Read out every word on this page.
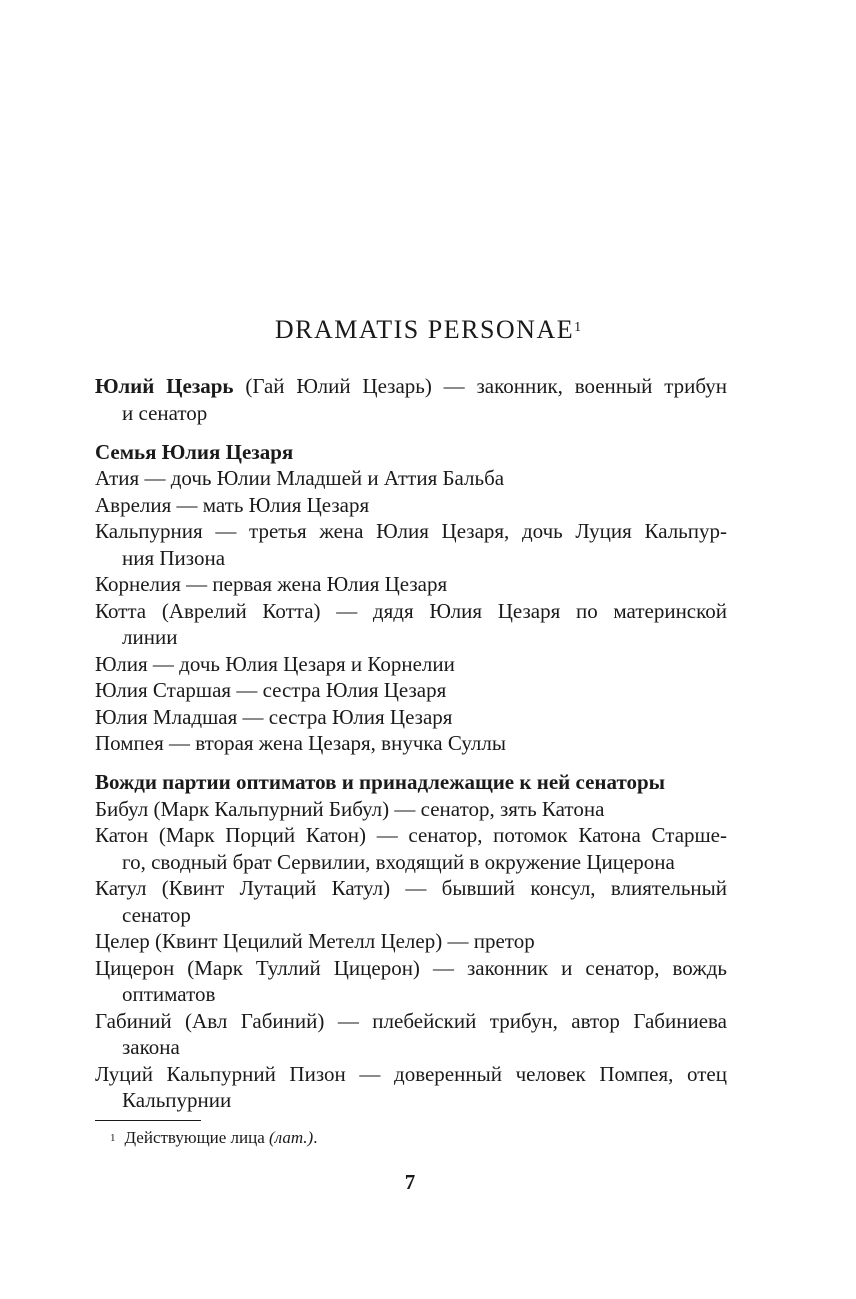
DRAMATIS PERSONAE$^1$
Юлий Цезарь (Гай Юлий Цезарь) — законник, военный трибун
и сенатор
Семья Юлия Цезаря
Атия — дочь Юлии Младшей и Аттия Бальба
Аврелия — мать Юлия Цезаря
Кальпурния — третья жена Юлия Цезаря, дочь Луция Кальпур-
ния Пизона
Корнелия — первая жена Юлия Цезаря
Котта (Аврелий Котта) — дядя Юлия Цезаря по материнской
линии
Юлия — дочь Юлия Цезаря и Корнелии
Юлия Старшая — сестра Юлия Цезаря
Юлия Младшая — сестра Юлия Цезаря
Помпея — вторая жена Цезаря, внучка Суллы
Вожди партии оптиматов и принадлежащие к ней сенаторы
Бибул (Марк Кальпурний Бибул) — сенатор, зять Катона
Катон (Марк Порций Катон) — сенатор, потомок Катона Старше-
го, сводный брат Сервилии, входящий в окружение Цицерона
Катул (Квинт Лутаций Катул) — бывший консул, влиятельный
сенатор
Целер (Квинт Цецилий Метелл Целер) — претор
Цицерон (Марк Туллий Цицерон) — законник и сенатор, вождь
оптиматов
Габиний (Авл Габиний) — плебейский трибун, автор Габиниева
закона
Луций Кальпурний Пизон — доверенный человек Помпея, отец
Кальпурнии
$^1$ Действующие лица (лат.).
7
